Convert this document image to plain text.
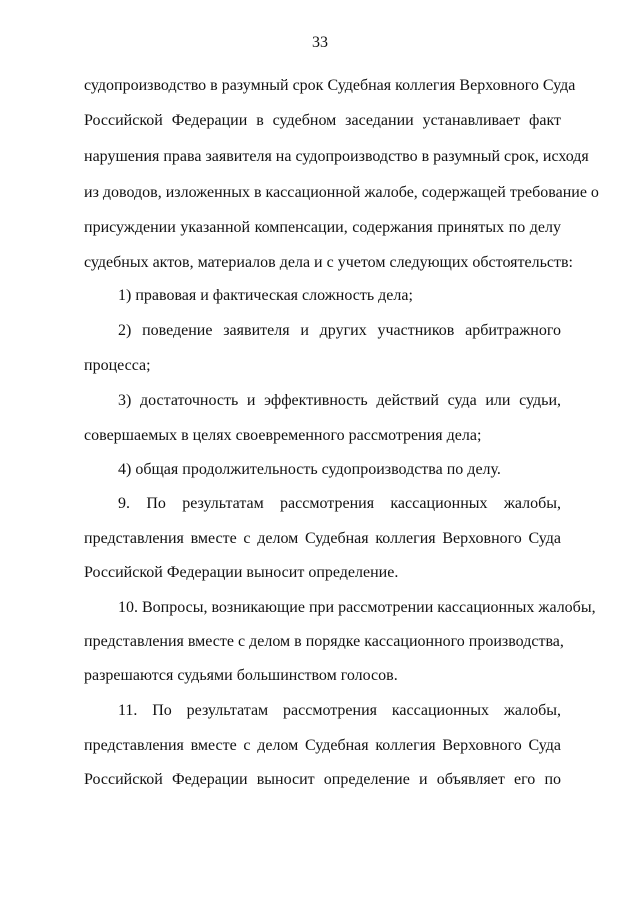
33
судопроизводство в разумный срок Судебная коллегия Верховного Суда
Российской Федерации в судебном заседании устанавливает факт
нарушения права заявителя на судопроизводство в разумный срок, исходя
из доводов, изложенных в кассационной жалобе, содержащей требование о
присуждении указанной компенсации, содержания принятых по делу
судебных актов, материалов дела и с учетом следующих обстоятельств:
1) правовая и фактическая сложность дела;
2) поведение заявителя и других участников арбитражного
процесса;
3) достаточность и эффективность действий суда или судьи,
совершаемых в целях своевременного рассмотрения дела;
4) общая продолжительность судопроизводства по делу.
9. По результатам рассмотрения кассационных жалобы,
представления вместе с делом Судебная коллегия Верховного Суда
Российской Федерации выносит определение.
10. Вопросы, возникающие при рассмотрении кассационных жалобы,
представления вместе с делом в порядке кассационного производства,
разрешаются судьями большинством голосов.
11. По результатам рассмотрения кассационных жалобы,
представления вместе с делом Судебная коллегия Верховного Суда
Российской Федерации выносит определение и объявляет его по
